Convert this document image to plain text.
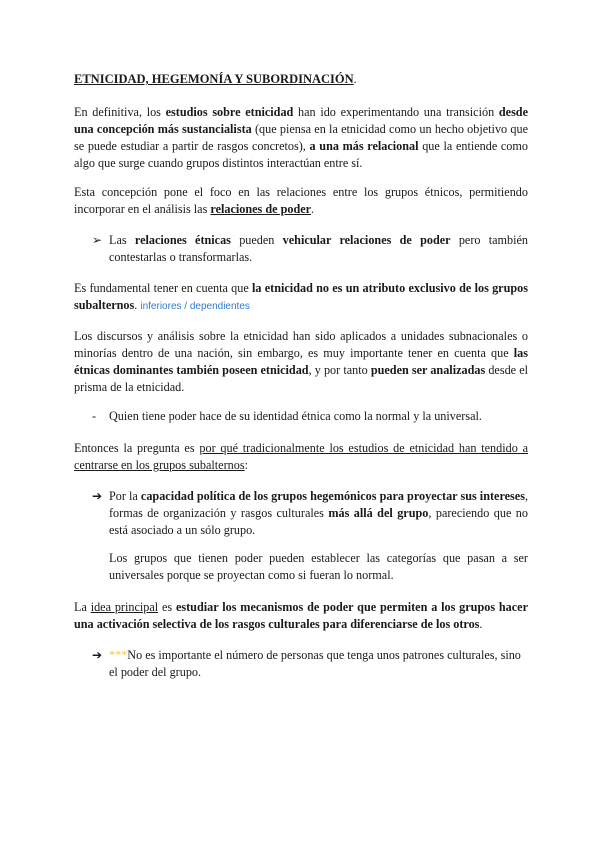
ETNICIDAD, HEGEMONÍA Y SUBORDINACIÓN.

En definitiva, los estudios sobre etnicidad han ido experimentando una transición desde una concepción más sustancialista (que piensa en la etnicidad como un hecho objetivo que se puede estudiar a partir de rasgos concretos), a una más relacional que la entiende como algo que surge cuando grupos distintos interactúan entre sí.

Esta concepción pone el foco en las relaciones entre los grupos étnicos, permitiendo incorporar en el análisis las relaciones de poder.

➢ Las relaciones étnicas pueden vehicular relaciones de poder pero también contestarlas o transformarlas.

Es fundamental tener en cuenta que la etnicidad no es un atributo exclusivo de los grupos subalternos. inferiores / dependientes

Los discursos y análisis sobre la etnicidad han sido aplicados a unidades subnacionales o minorías dentro de una nación, sin embargo, es muy importante tener en cuenta que las étnicas dominantes también poseen etnicidad, y por tanto pueden ser analizadas desde el prisma de la etnicidad.

-	Quien tiene poder hace de su identidad étnica como la normal y la universal.

Entonces la pregunta es por qué tradicionalmente los estudios de etnicidad han tendido a centrarse en los grupos subalternos:

➔ Por la capacidad política de los grupos hegemónicos para proyectar sus intereses, formas de organización y rasgos culturales más allá del grupo, pareciendo que no está asociado a un sólo grupo.

Los grupos que tienen poder pueden establecer las categorías que pasan a ser universales porque se proyectan como si fueran lo normal.

La idea principal es estudiar los mecanismos de poder que permiten a los grupos hacer una activación selectiva de los rasgos culturales para diferenciarse de los otros.

➔ ***No es importante el número de personas que tenga unos patrones culturales, sino el poder del grupo.
